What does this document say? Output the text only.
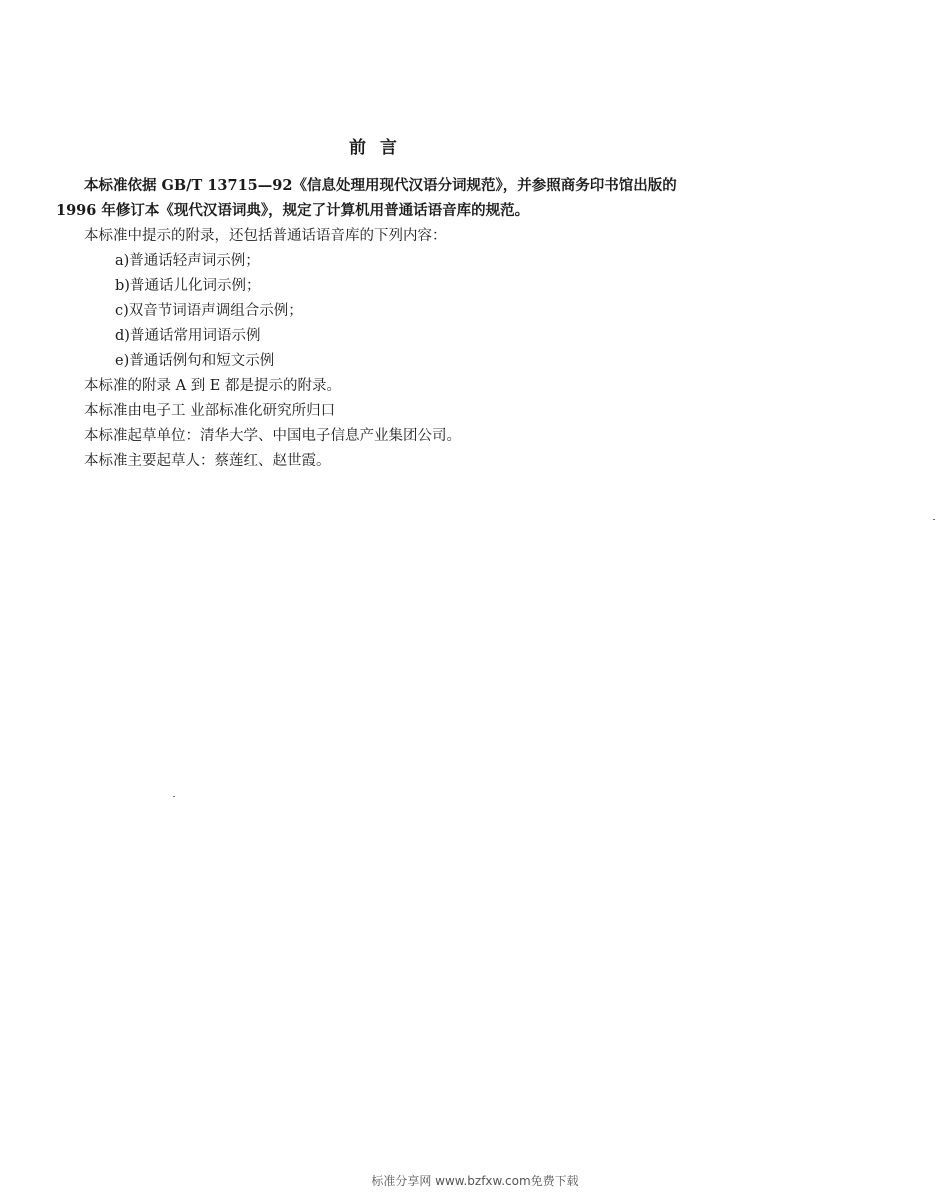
前言
本标准依据 GB/T 13715—92《信息处理用现代汉语分词规范》，并参照商务印书馆出版的
1996 年修订本《现代汉语词典》，规定了计算机用普通话语音库的规范。
本标准中提示的附录，还包括普通话语音库的下列内容：
a)普通话轻声词示例；
b)普通话儿化词示例；
c)双音节词语声调组合示例；
d)普通话常用词语示例
e)普通话例句和短文示例
本标准的附录 A 到 E 都是提示的附录。
本标准由电子工 业部标准化研究所归口
本标准起草单位：清华大学、中国电子信息产业集团公司。
本标准主要起草人：蔡莲红、赵世霞。
标准分享网 www.bzfxw.com免费下载
